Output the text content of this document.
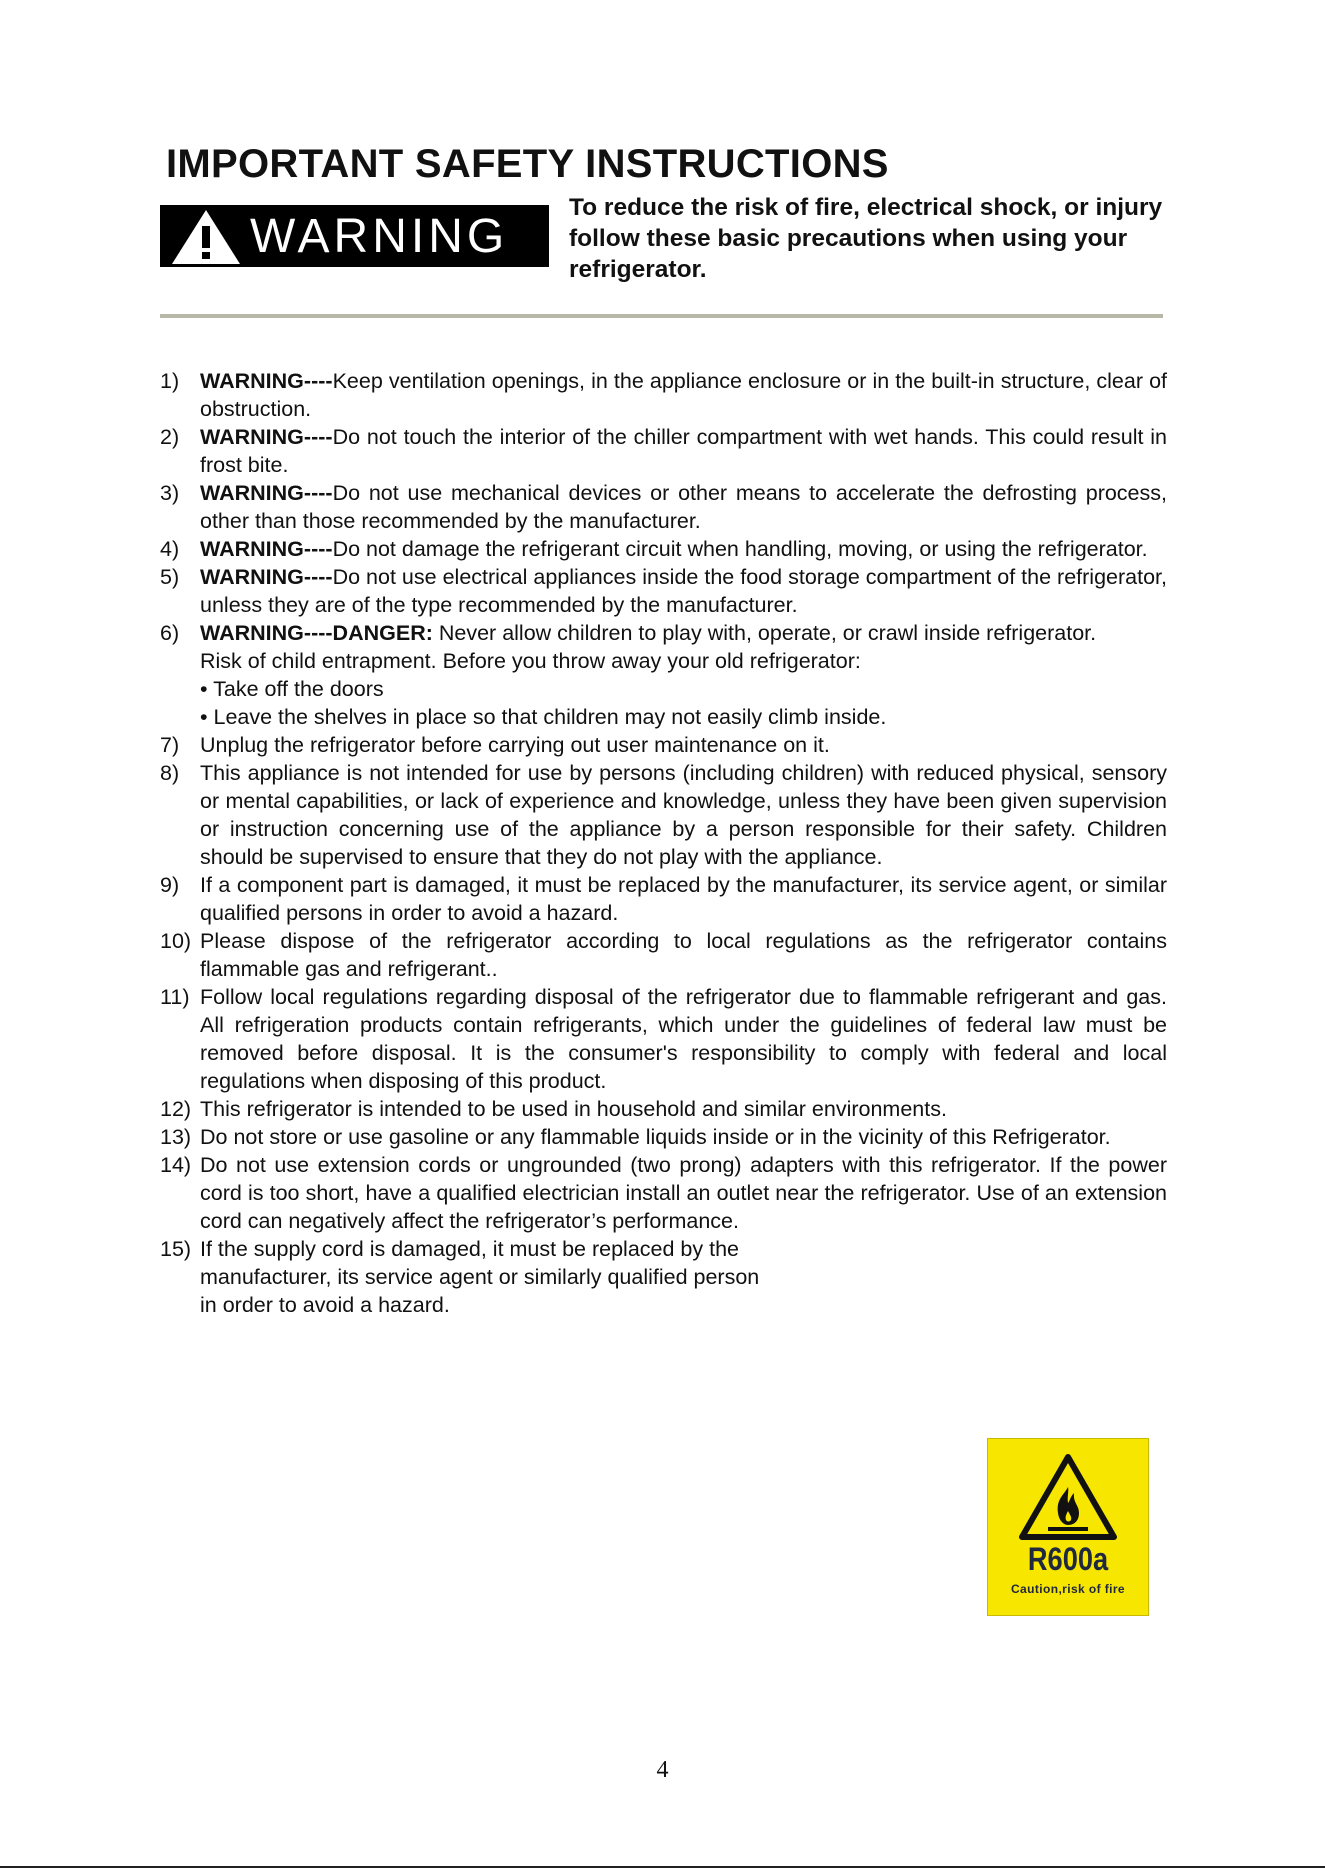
IMPORTANT SAFETY INSTRUCTIONS
WARNING
To reduce the risk of fire, electrical shock, or injury follow these basic precautions when using your refrigerator.
1) WARNING----Keep ventilation openings, in the appliance enclosure or in the built-in structure, clear of obstruction.
2) WARNING----Do not touch the interior of the chiller compartment with wet hands. This could result in frost bite.
3) WARNING----Do not use mechanical devices or other means to accelerate the defrosting process, other than those recommended by the manufacturer.
4) WARNING----Do not damage the refrigerant circuit when handling, moving, or using the refrigerator.
5) WARNING----Do not use electrical appliances inside the food storage compartment of the refrigerator, unless they are of the type recommended by the manufacturer.
6) WARNING----DANGER: Never allow children to play with, operate, or crawl inside refrigerator.
Risk of child entrapment. Before you throw away your old refrigerator:
• Take off the doors
• Leave the shelves in place so that children may not easily climb inside.
7) Unplug the refrigerator before carrying out user maintenance on it.
8) This appliance is not intended for use by persons (including children) with reduced physical, sensory or mental capabilities, or lack of experience and knowledge, unless they have been given supervision or instruction concerning use of the appliance by a person responsible for their safety. Children should be supervised to ensure that they do not play with the appliance.
9) If a component part is damaged, it must be replaced by the manufacturer, its service agent, or similar qualified persons in order to avoid a hazard.
10) Please dispose of the refrigerator according to local regulations as the refrigerator contains flammable gas and refrigerant..
11) Follow local regulations regarding disposal of the refrigerator due to flammable refrigerant and gas. All refrigeration products contain refrigerants, which under the guidelines of federal law must be removed before disposal. It is the consumer's responsibility to comply with federal and local regulations when disposing of this product.
12) This refrigerator is intended to be used in household and similar environments.
13) Do not store or use gasoline or any flammable liquids inside or in the vicinity of this Refrigerator.
14) Do not use extension cords or ungrounded (two prong) adapters with this refrigerator. If the power cord is too short, have a qualified electrician install an outlet near the refrigerator. Use of an extension cord can negatively affect the refrigerator’s performance.
15) If the supply cord is damaged, it must be replaced by the
manufacturer, its service agent or similarly qualified person
in order to avoid a hazard.
R600a
Caution,risk of fire
4
